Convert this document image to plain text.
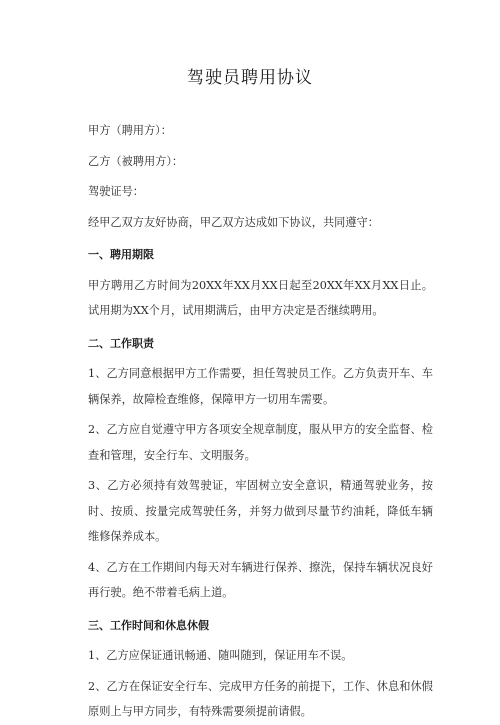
驾驶员聘用协议
甲方（聘用方）：
乙方（被聘用方）：
驾驶证号：
经甲乙双方友好协商，甲乙双方达成如下协议，共同遵守：
一、聘用期限
甲方聘用乙方时间为20XX年XX月XX日起至20XX年XX月XX日止。试用期为XX个月，试用期满后，由甲方决定是否继续聘用。
二、工作职责
1、乙方同意根据甲方工作需要，担任驾驶员工作。乙方负责开车、车辆保养，故障检查维修，保障甲方一切用车需要。
2、乙方应自觉遵守甲方各项安全规章制度，服从甲方的安全监督、检查和管理，安全行车、文明服务。
3、乙方必须持有效驾驶证，牢固树立安全意识，精通驾驶业务，按时、按质、按量完成驾驶任务，并努力做到尽量节约油耗，降低车辆维修保养成本。
4、乙方在工作期间内每天对车辆进行保养、擦洗，保持车辆状况良好再行驶。绝不带着毛病上道。
三、工作时间和休息休假
1、乙方应保证通讯畅通、随叫随到，保证用车不误。
2、乙方在保证安全行车、完成甲方任务的前提下，工作、休息和休假原则上与甲方同步，有特殊需要须提前请假。
